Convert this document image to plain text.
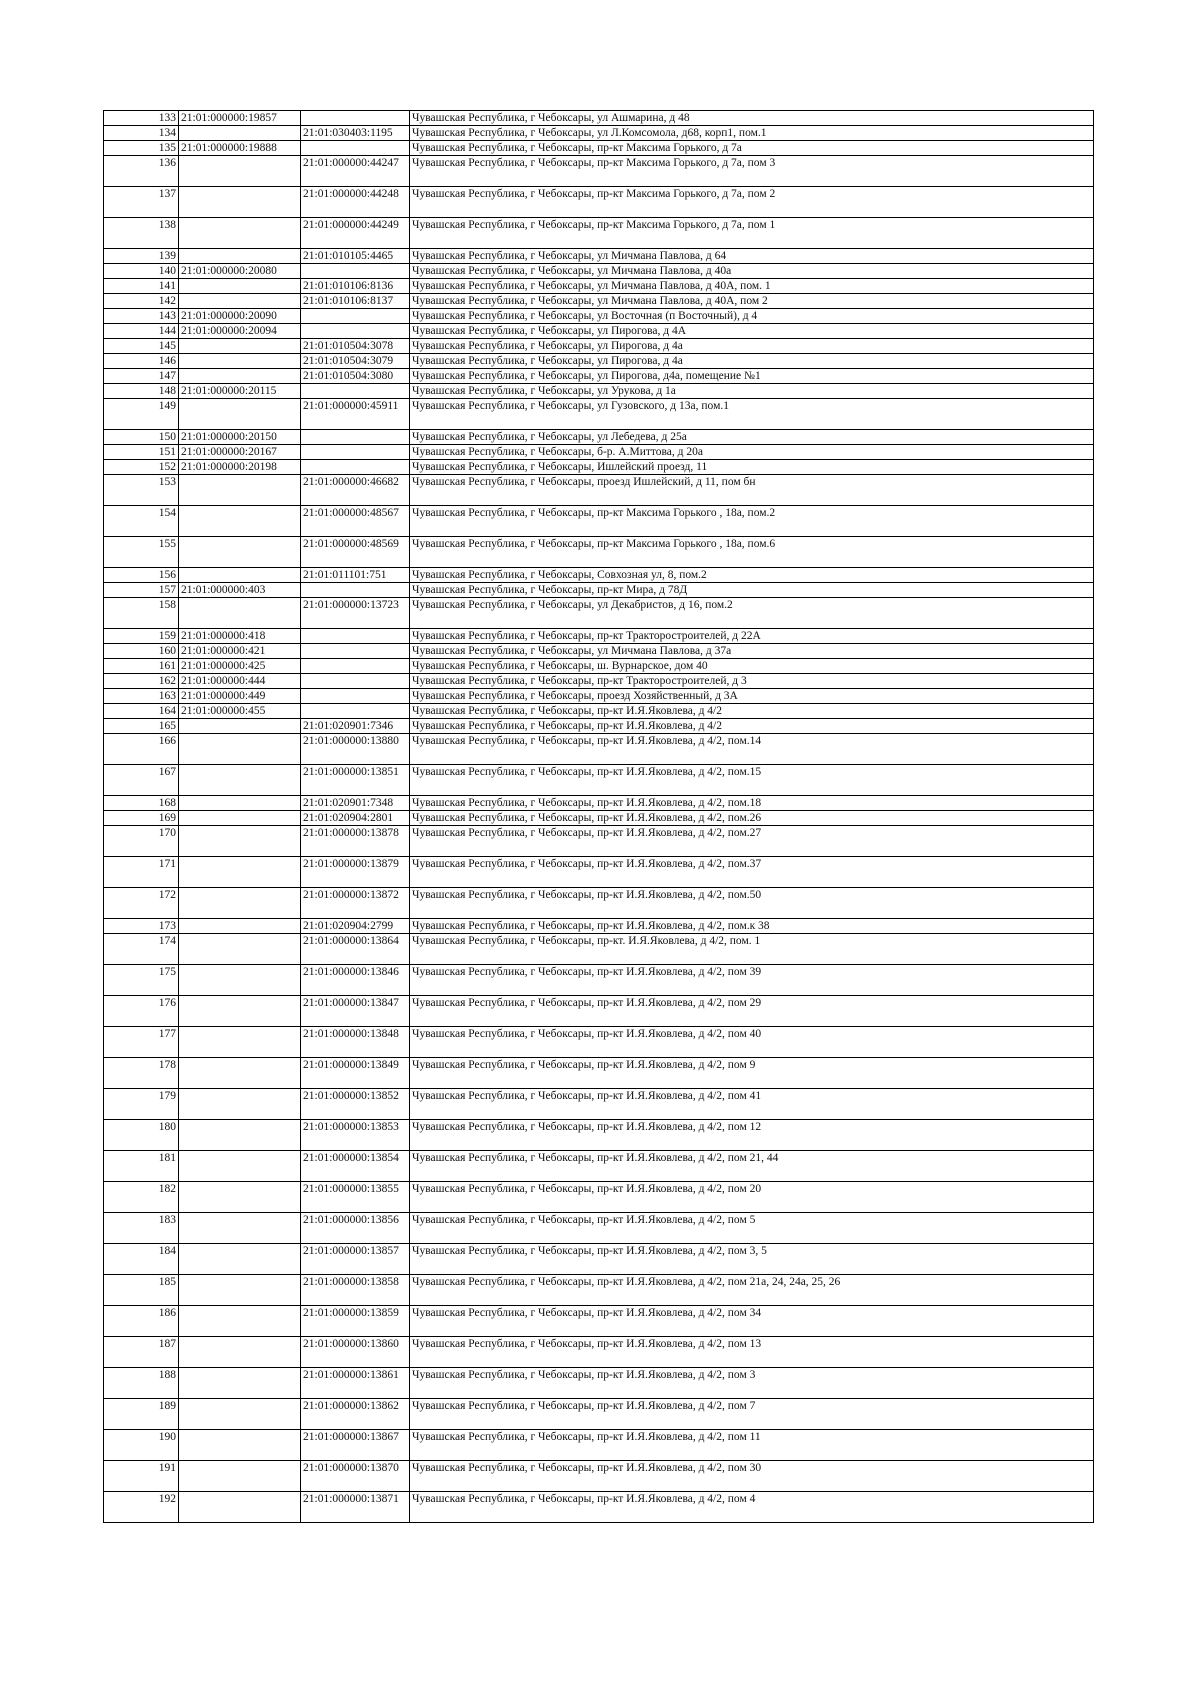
133	21:01:000000:19857		Чувашская Республика, г Чебоксары, ул Ашмарина, д 48
134		21:01:030403:1195	Чувашская Республика, г Чебоксары, ул Л.Комсомола, д68, корп1, пом.1
135	21:01:000000:19888		Чувашская Республика, г Чебоксары, пр-кт Максима Горького, д 7а
136		21:01:000000:44247	Чувашская Республика, г Чебоксары, пр-кт Максима Горького, д 7а, пом 3
137		21:01:000000:44248	Чувашская Республика, г Чебоксары, пр-кт Максима Горького, д 7а, пом 2
138		21:01:000000:44249	Чувашская Республика, г Чебоксары, пр-кт Максима Горького, д 7а, пом 1
139		21:01:010105:4465	Чувашская Республика, г Чебоксары, ул Мичмана Павлова, д 64
140	21:01:000000:20080		Чувашская Республика, г Чебоксары, ул Мичмана Павлова, д 40а
141		21:01:010106:8136	Чувашская Республика, г Чебоксары, ул Мичмана Павлова, д 40А, пом. 1
142		21:01:010106:8137	Чувашская Республика, г Чебоксары, ул Мичмана Павлова, д 40А, пом 2
143	21:01:000000:20090		Чувашская Республика, г Чебоксары, ул Восточная (п Восточный), д 4
144	21:01:000000:20094		Чувашская Республика, г Чебоксары, ул Пирогова, д 4А
145		21:01:010504:3078	Чувашская Республика, г Чебоксары, ул Пирогова, д 4а
146		21:01:010504:3079	Чувашская Республика, г Чебоксары, ул Пирогова, д 4а
147		21:01:010504:3080	Чувашская Республика, г Чебоксары, ул Пирогова, д4а, помещение №1
148	21:01:000000:20115		Чувашская Республика, г Чебоксары, ул Урукова, д 1а
149		21:01:000000:45911	Чувашская Республика, г Чебоксары, ул Гузовского, д 13а, пом.1
150	21:01:000000:20150		Чувашская Республика, г Чебоксары, ул Лебедева, д 25а
151	21:01:000000:20167		Чувашская Республика, г Чебоксары, б-р. А.Миттова, д 20а
152	21:01:000000:20198		Чувашская Республика, г Чебоксары, Ишлейский проезд, 11
153		21:01:000000:46682	Чувашская Республика, г Чебоксары, проезд Ишлейский, д 11, пом бн
154		21:01:000000:48567	Чувашская Республика, г Чебоксары, пр-кт Максима Горького , 18а, пом.2
155		21:01:000000:48569	Чувашская Республика, г Чебоксары, пр-кт Максима Горького , 18а, пом.6
156		21:01:011101:751	Чувашская Республика, г Чебоксары, Совхозная ул, 8, пом.2
157	21:01:000000:403		Чувашская Республика, г Чебоксары, пр-кт Мира, д 78Д
158		21:01:000000:13723	Чувашская Республика, г Чебоксары, ул Декабристов, д 16, пом.2
159	21:01:000000:418		Чувашская Республика, г Чебоксары, пр-кт Тракторостроителей, д 22А
160	21:01:000000:421		Чувашская Республика, г Чебоксары, ул Мичмана Павлова, д 37а
161	21:01:000000:425		Чувашская Республика, г Чебоксары, ш. Вурнарское, дом 40
162	21:01:000000:444		Чувашская Республика, г Чебоксары, пр-кт Тракторостроителей, д 3
163	21:01:000000:449		Чувашская Республика, г Чебоксары, проезд Хозяйственный, д 3А
164	21:01:000000:455		Чувашская Республика, г Чебоксары, пр-кт И.Я.Яковлева, д 4/2
165		21:01:020901:7346	Чувашская Республика, г Чебоксары, пр-кт И.Я.Яковлева, д 4/2
166		21:01:000000:13880	Чувашская Республика, г Чебоксары, пр-кт И.Я.Яковлева, д 4/2, пом.14
167		21:01:000000:13851	Чувашская Республика, г Чебоксары, пр-кт И.Я.Яковлева, д 4/2, пом.15
168		21:01:020901:7348	Чувашская Республика, г Чебоксары, пр-кт И.Я.Яковлева, д 4/2, пом.18
169		21:01:020904:2801	Чувашская Республика, г Чебоксары, пр-кт И.Я.Яковлева, д 4/2, пом.26
170		21:01:000000:13878	Чувашская Республика, г Чебоксары, пр-кт И.Я.Яковлева, д 4/2, пом.27
171		21:01:000000:13879	Чувашская Республика, г Чебоксары, пр-кт И.Я.Яковлева, д 4/2, пом.37
172		21:01:000000:13872	Чувашская Республика, г Чебоксары, пр-кт И.Я.Яковлева, д 4/2, пом.50
173		21:01:020904:2799	Чувашская Республика, г Чебоксары, пр-кт И.Я.Яковлева, д 4/2, пом.к 38
174		21:01:000000:13864	Чувашская Республика, г Чебоксары, пр-кт. И.Я.Яковлева, д 4/2, пом. 1
175		21:01:000000:13846	Чувашская Республика, г Чебоксары, пр-кт И.Я.Яковлева, д 4/2, пом 39
176		21:01:000000:13847	Чувашская Республика, г Чебоксары, пр-кт И.Я.Яковлева, д 4/2, пом 29
177		21:01:000000:13848	Чувашская Республика, г Чебоксары, пр-кт И.Я.Яковлева, д 4/2, пом 40
178		21:01:000000:13849	Чувашская Республика, г Чебоксары, пр-кт И.Я.Яковлева, д 4/2, пом 9
179		21:01:000000:13852	Чувашская Республика, г Чебоксары, пр-кт И.Я.Яковлева, д 4/2, пом 41
180		21:01:000000:13853	Чувашская Республика, г Чебоксары, пр-кт И.Я.Яковлева, д 4/2, пом 12
181		21:01:000000:13854	Чувашская Республика, г Чебоксары, пр-кт И.Я.Яковлева, д 4/2, пом 21, 44
182		21:01:000000:13855	Чувашская Республика, г Чебоксары, пр-кт И.Я.Яковлева, д 4/2, пом 20
183		21:01:000000:13856	Чувашская Республика, г Чебоксары, пр-кт И.Я.Яковлева, д 4/2, пом 5
184		21:01:000000:13857	Чувашская Республика, г Чебоксары, пр-кт И.Я.Яковлева, д 4/2, пом 3, 5
185		21:01:000000:13858	Чувашская Республика, г Чебоксары, пр-кт И.Я.Яковлева, д 4/2, пом 21а, 24, 24а, 25, 26
186		21:01:000000:13859	Чувашская Республика, г Чебоксары, пр-кт И.Я.Яковлева, д 4/2, пом 34
187		21:01:000000:13860	Чувашская Республика, г Чебоксары, пр-кт И.Я.Яковлева, д 4/2, пом 13
188		21:01:000000:13861	Чувашская Республика, г Чебоксары, пр-кт И.Я.Яковлева, д 4/2, пом 3
189		21:01:000000:13862	Чувашская Республика, г Чебоксары, пр-кт И.Я.Яковлева, д 4/2, пом 7
190		21:01:000000:13867	Чувашская Республика, г Чебоксары, пр-кт И.Я.Яковлева, д 4/2, пом 11
191		21:01:000000:13870	Чувашская Республика, г Чебоксары, пр-кт И.Я.Яковлева, д 4/2, пом 30
192		21:01:000000:13871	Чувашская Республика, г Чебоксары, пр-кт И.Я.Яковлева, д 4/2, пом 4
